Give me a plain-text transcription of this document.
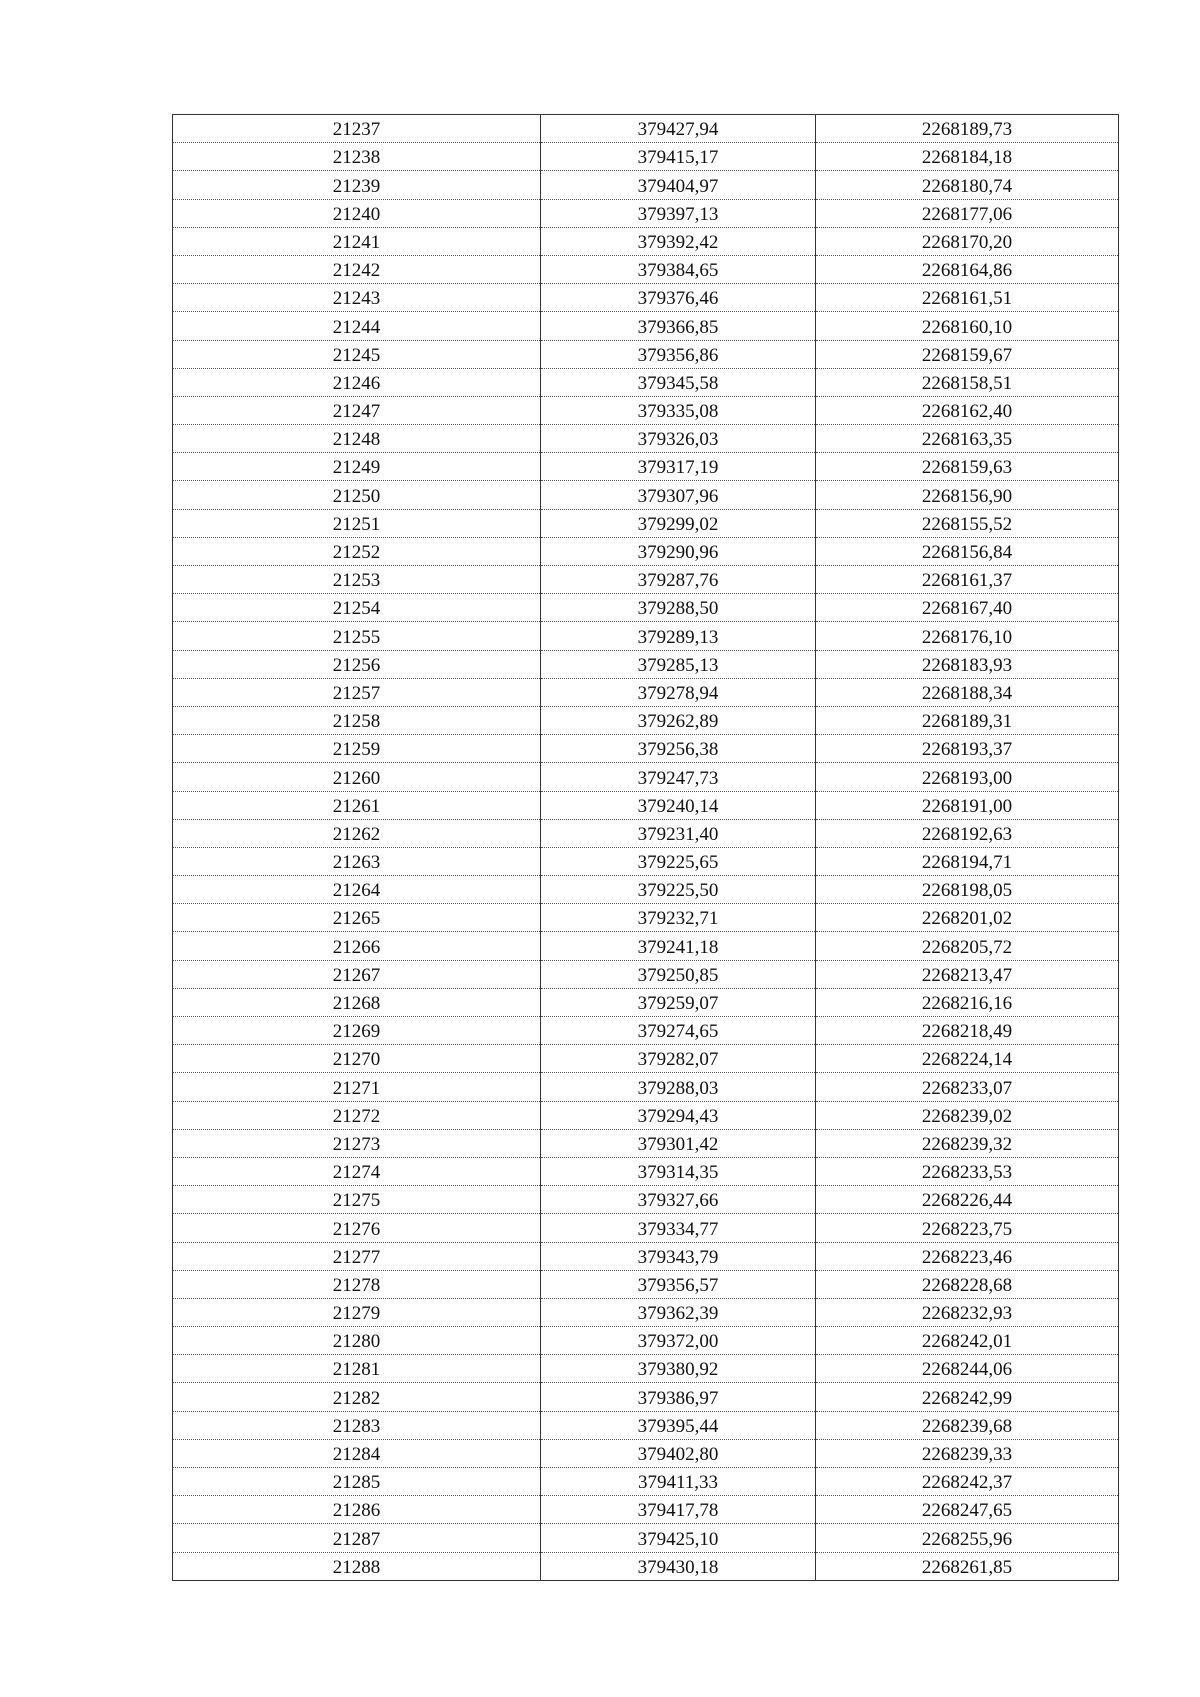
21237	379427,94	2268189,73
21238	379415,17	2268184,18
21239	379404,97	2268180,74
21240	379397,13	2268177,06
21241	379392,42	2268170,20
21242	379384,65	2268164,86
21243	379376,46	2268161,51
21244	379366,85	2268160,10
21245	379356,86	2268159,67
21246	379345,58	2268158,51
21247	379335,08	2268162,40
21248	379326,03	2268163,35
21249	379317,19	2268159,63
21250	379307,96	2268156,90
21251	379299,02	2268155,52
21252	379290,96	2268156,84
21253	379287,76	2268161,37
21254	379288,50	2268167,40
21255	379289,13	2268176,10
21256	379285,13	2268183,93
21257	379278,94	2268188,34
21258	379262,89	2268189,31
21259	379256,38	2268193,37
21260	379247,73	2268193,00
21261	379240,14	2268191,00
21262	379231,40	2268192,63
21263	379225,65	2268194,71
21264	379225,50	2268198,05
21265	379232,71	2268201,02
21266	379241,18	2268205,72
21267	379250,85	2268213,47
21268	379259,07	2268216,16
21269	379274,65	2268218,49
21270	379282,07	2268224,14
21271	379288,03	2268233,07
21272	379294,43	2268239,02
21273	379301,42	2268239,32
21274	379314,35	2268233,53
21275	379327,66	2268226,44
21276	379334,77	2268223,75
21277	379343,79	2268223,46
21278	379356,57	2268228,68
21279	379362,39	2268232,93
21280	379372,00	2268242,01
21281	379380,92	2268244,06
21282	379386,97	2268242,99
21283	379395,44	2268239,68
21284	379402,80	2268239,33
21285	379411,33	2268242,37
21286	379417,78	2268247,65
21287	379425,10	2268255,96
21288	379430,18	2268261,85
